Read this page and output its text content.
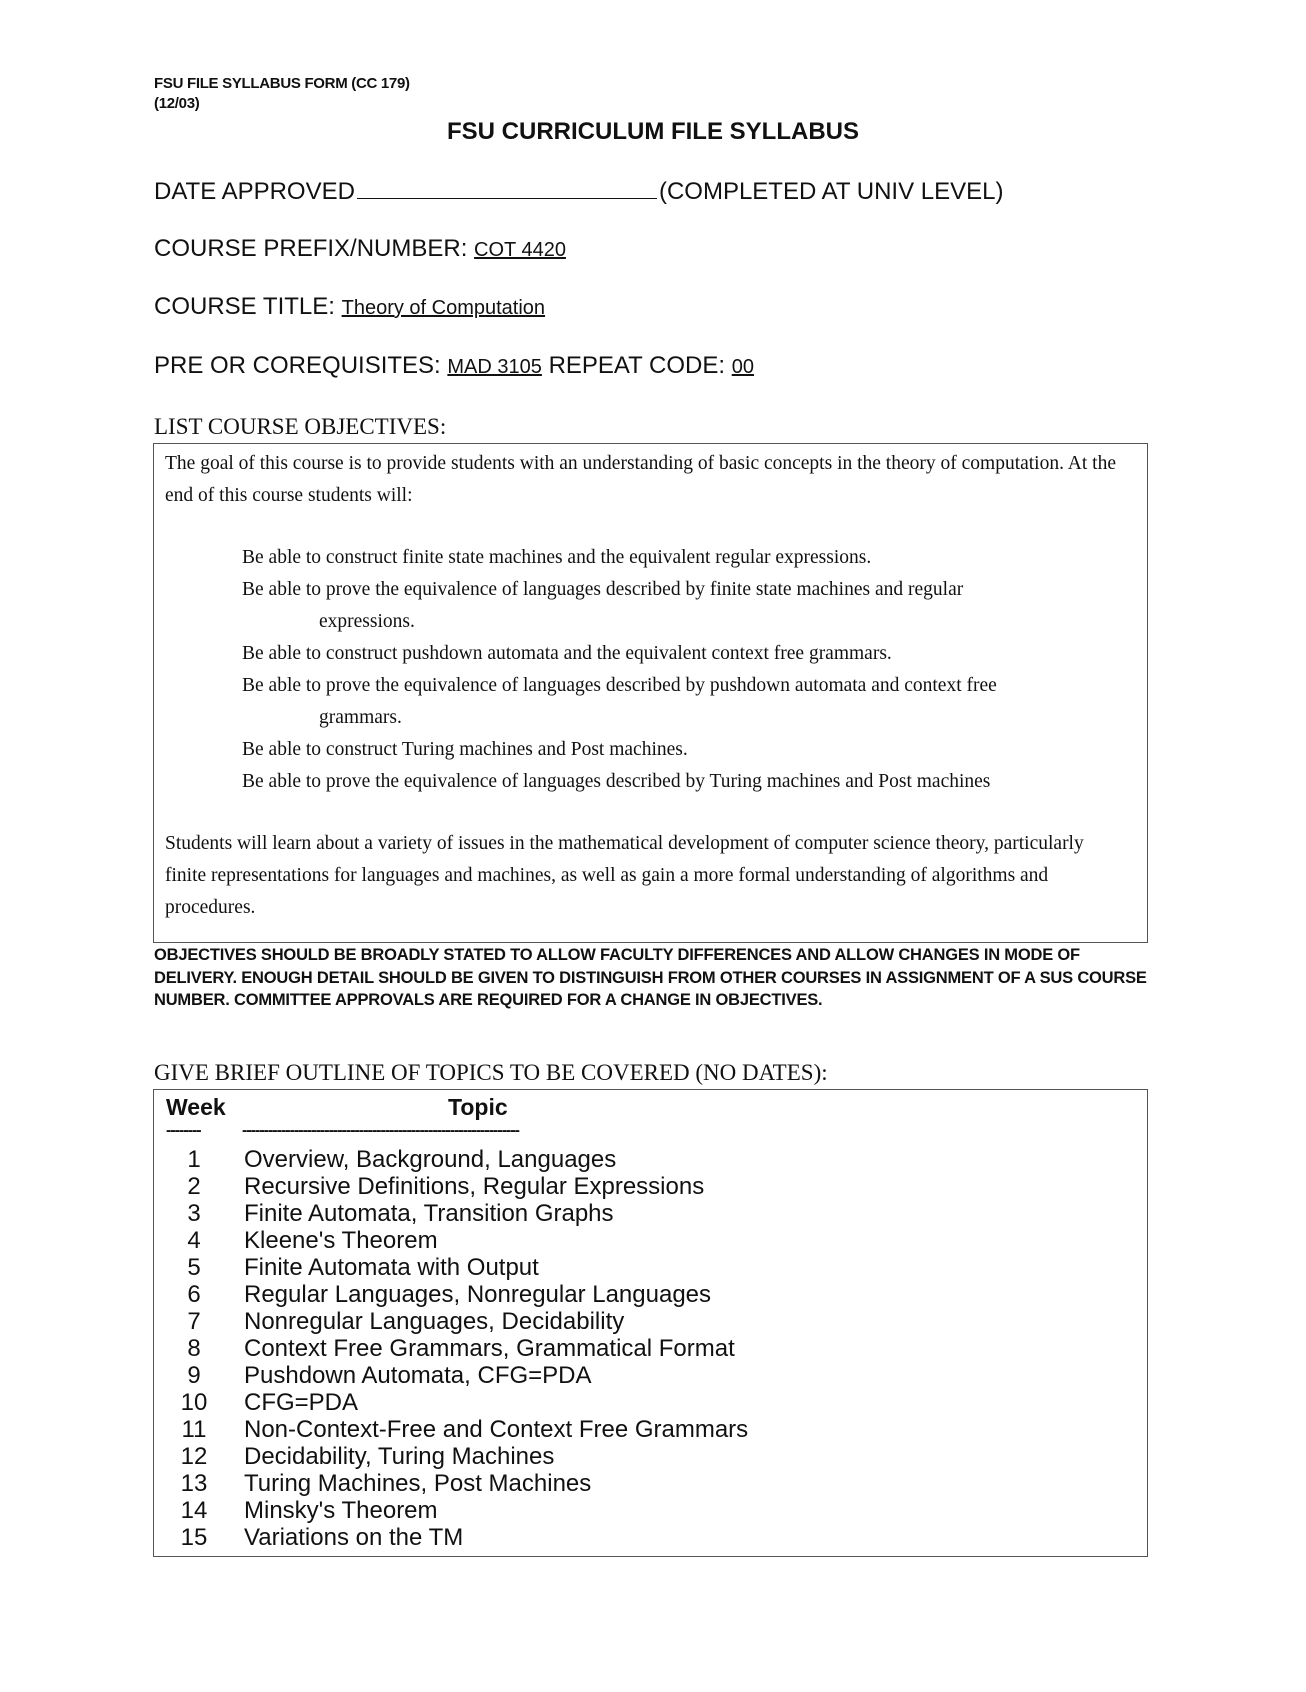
FSU FILE SYLLABUS FORM (CC 179)
(12/03)
FSU CURRICULUM FILE SYLLABUS
DATE APPROVED	(COMPLETED AT UNIV LEVEL)
COURSE PREFIX/NUMBER: COT 4420
COURSE TITLE: Theory of Computation
PRE OR COREQUISITES: MAD 3105 REPEAT CODE: 00
LIST COURSE OBJECTIVES:
The goal of this course is to provide students with an understanding of basic concepts in the theory of computation. At the end of this course students will:
Be able to construct finite state machines and the equivalent regular expressions.
Be able to prove the equivalence of languages described by finite state machines and regular expressions.
Be able to construct pushdown automata and the equivalent context free grammars.
Be able to prove the equivalence of languages described by pushdown automata and context free grammars.
Be able to construct Turing machines and Post machines.
Be able to prove the equivalence of languages described by Turing machines and Post machines
Students will learn about a variety of issues in the mathematical development of computer science theory, particularly finite representations for languages and machines, as well as gain a more formal understanding of algorithms and procedures.
OBJECTIVES SHOULD BE BROADLY STATED TO ALLOW FACULTY DIFFERENCES AND ALLOW CHANGES IN MODE OF DELIVERY. ENOUGH DETAIL SHOULD BE GIVEN TO DISTINGUISH FROM OTHER COURSES IN ASSIGNMENT OF A SUS COURSE NUMBER. COMMITTEE APPROVALS ARE REQUIRED FOR A CHANGE IN OBJECTIVES.
GIVE BRIEF OUTLINE OF TOPICS TO BE COVERED (NO DATES):
Week	Topic
--------	----------------------------------------------------------------
1	Overview, Background, Languages
2	Recursive Definitions, Regular Expressions
3	Finite Automata, Transition Graphs
4	Kleene's Theorem
5	Finite Automata with Output
6	Regular Languages, Nonregular Languages
7	Nonregular Languages, Decidability
8	Context Free Grammars, Grammatical Format
9	Pushdown Automata, CFG=PDA
10	CFG=PDA
11	Non-Context-Free and Context Free Grammars
12	Decidability, Turing Machines
13	Turing Machines, Post Machines
14	Minsky's Theorem
15	Variations on the TM
